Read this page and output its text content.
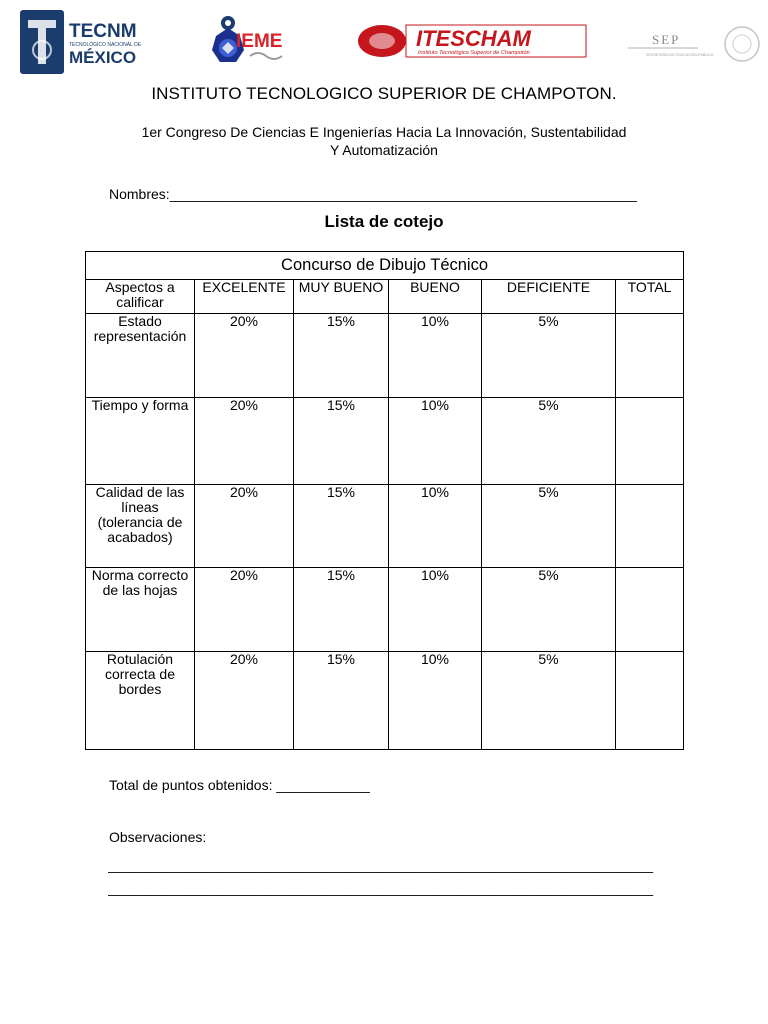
TECNM
TECNOLÓGICO NACIONAL DE
MÉXICO
IEME	ITESCHAM
Instituto Tecnológico Superior de Champotón
SEP
SECRETARÍA DE EDUCACIÓN PÚBLICA
INSTITUTO TECNOLOGICO SUPERIOR DE CHAMPOTON.
1er Congreso De Ciencias E Ingenierías Hacia La Innovación, Sustentabilidad
Y Automatización
Nombres:____________________________________________________________
Lista de cotejo
Concurso de Dibujo Técnico					
Aspectos a calificar	EXCELENTE	MUY BUENO	BUENO	DEFICIENTE	TOTAL
Estado representación	20%	15%	10%	5%	
Tiempo y forma	20%	15%	10%	5%	
Calidad de las líneas (tolerancia de acabados)	20%	15%	10%	5%	
Norma correcto de las hojas	20%	15%	10%	5%	
Rotulación correcta de bordes	20%	15%	10%	5%	
Total de puntos obtenidos: ____________
Observaciones:
______________________________________________________________________
______________________________________________________________________
